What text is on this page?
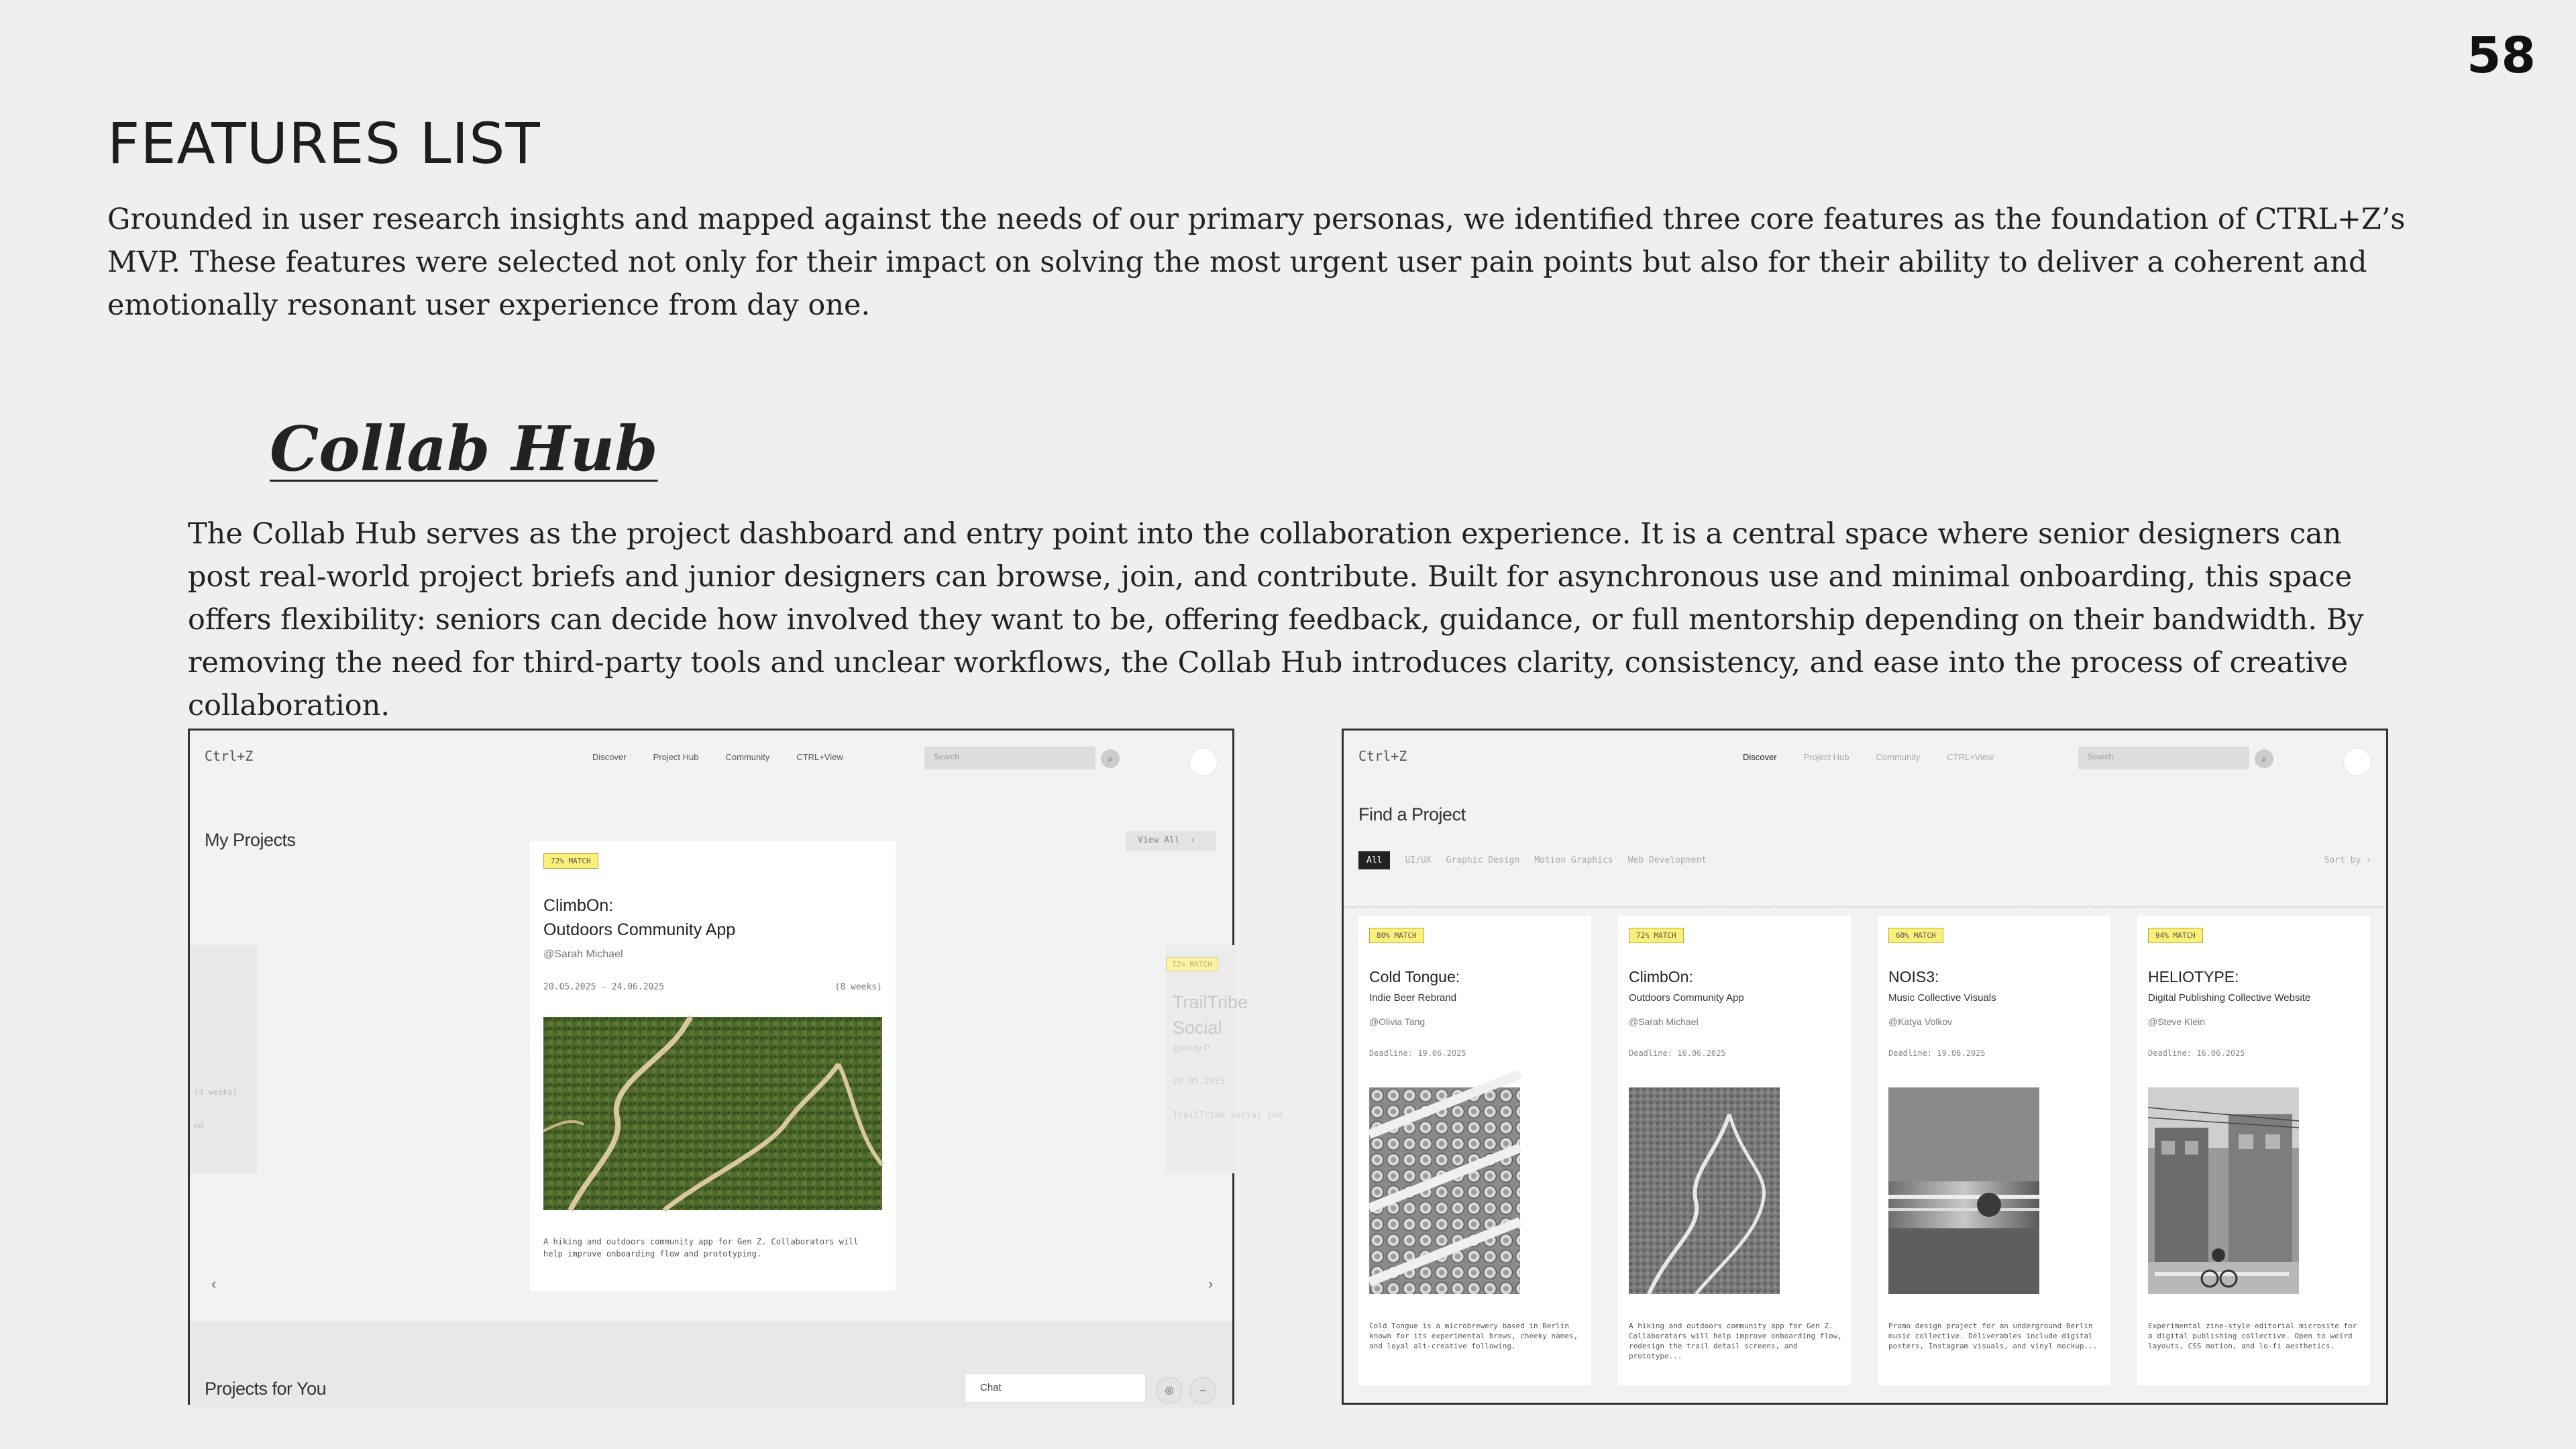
58
FEATURES LIST

Grounded in user research insights and mapped against the needs of our primary personas, we identified three core features as the foundation of CTRL+Z’s MVP. These features were selected not only for their impact on solving the most urgent user pain points but also for their ability to deliver a coherent and emotionally resonant user experience from day one.

Collab Hub

The Collab Hub serves as the project dashboard and entry point into the collaboration experience. It is a central space where senior designers can post real-world project briefs and junior designers can browse, join, and contribute. Built for asynchronous use and minimal onboarding, this space offers flexibility: seniors can decide how involved they want to be, offering feedback, guidance, or full mentorship depending on their bandwidth. By removing the need for third-party tools and unclear workflows, the Collab Hub introduces clarity, consistency, and ease into the process of creative collaboration.

Ctrl+Z	Discover	Project Hub	Community	CTRL+View	Search	⌕
My Projects	View All  ›
(4 weeks)
ed
72% MATCH
ClimbOn:
Outdoors Community App
@Sarah Michael
20.05.2025 - 24.06.2025	(8 weeks)
A hiking and outdoors community app for Gen Z. Collaborators will help improve onboarding flow and prototyping.
72% MATCH
TrailTribe
Social
@Andy P
20.05.2025
TrailTribe social con
‹	›
Projects for You	Chat	◎	–
Ctrl+Z	Discover	Project Hub	Community	CTRL+View	Search	⌕
Find a Project
All	UI/UX Graphic Design Motion Graphics Web Development	Sort by ›
80% MATCH
Cold Tongue:
Indie Beer Rebrand
@Olivia Tang
Deadline: 19.06.2025
Cold Tongue is a microbrewery based in Berlin known for its experimental brews, cheeky names, and loyal alt-creative following.
72% MATCH
ClimbOn:
Outdoors Community App
@Sarah Michael
Deadline: 16.06.2025
A hiking and outdoors community app for Gen Z. Collaborators will help improve onboarding flow, redesign the trail detail screens, and prototype...
60% MATCH
NOIS3:
Music Collective Visuals
@Katya Volkov
Deadline: 19.06.2025
Promo design project for an underground Berlin music collective. Deliverables include digital posters, Instagram visuals, and vinyl mockup...
94% MATCH
HELIOTYPE:
Digital Publishing Collective Website
@Steve Klein
Deadline: 16.06.2025
Experimental zine-style editorial microsite for a digital publishing collective. Open to weird layouts, CSS motion, and lo-fi aesthetics.
